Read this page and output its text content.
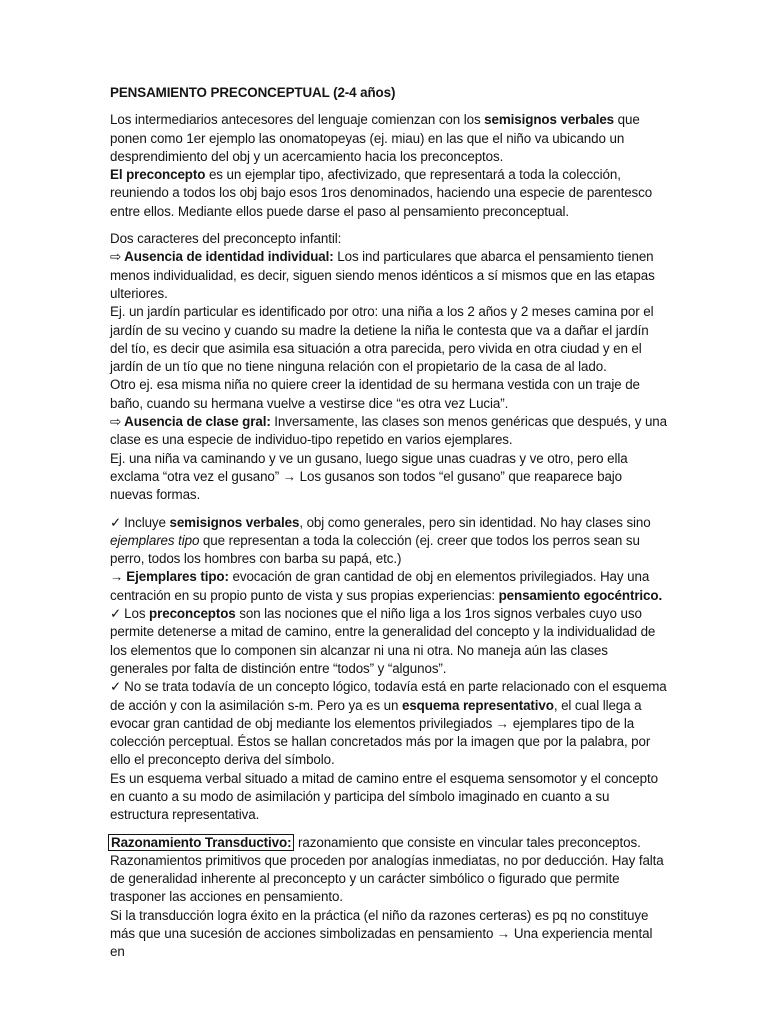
PENSAMIENTO PRECONCEPTUAL (2-4 años)

Los intermediarios antecesores del lenguaje comienzan con los semisignos verbales que ponen como 1er ejemplo las onomatopeyas (ej. miau) en las que el niño va ubicando un desprendimiento del obj y un acercamiento hacia los preconceptos.

El preconcepto es un ejemplar tipo, afectivizado, que representará a toda la colección, reuniendo a todos los obj bajo esos 1ros denominados, haciendo una especie de parentesco entre ellos. Mediante ellos puede darse el paso al pensamiento preconceptual.

Dos caracteres del preconcepto infantil:

⇨ Ausencia de identidad individual: Los ind particulares que abarca el pensamiento tienen menos individualidad, es decir, siguen siendo menos idénticos a sí mismos que en las etapas ulteriores.

Ej. un jardín particular es identificado por otro: una niña a los 2 años y 2 meses camina por el jardín de su vecino y cuando su madre la detiene la niña le contesta que va a dañar el jardín del tío, es decir que asimila esa situación a otra parecida, pero vivida en otra ciudad y en el jardín de un tío que no tiene ninguna relación con el propietario de la casa de al lado.

Otro ej. esa misma niña no quiere creer la identidad de su hermana vestida con un traje de baño, cuando su hermana vuelve a vestirse dice “es otra vez Lucia”.

⇨ Ausencia de clase gral: Inversamente, las clases son menos genéricas que después, y una clase es una especie de individuo-tipo repetido en varios ejemplares.

Ej. una niña va caminando y ve un gusano, luego sigue unas cuadras y ve otro, pero ella exclama “otra vez el gusano” → Los gusanos son todos “el gusano” que reaparece bajo nuevas formas.

✓ Incluye semisignos verbales, obj como generales, pero sin identidad. No hay clases sino ejemplares tipo que representan a toda la colección (ej. creer que todos los perros sean su perro, todos los hombres con barba su papá, etc.)

→ Ejemplares tipo: evocación de gran cantidad de obj en elementos privilegiados. Hay una centración en su propio punto de vista y sus propias experiencias: pensamiento egocéntrico.

✓ Los preconceptos son las nociones que el niño liga a los 1ros signos verbales cuyo uso permite detenerse a mitad de camino, entre la generalidad del concepto y la individualidad de los elementos que lo componen sin alcanzar ni una ni otra. No maneja aún las clases generales por falta de distinción entre “todos” y “algunos”.

✓ No se trata todavía de un concepto lógico, todavía está en parte relacionado con el esquema de acción y con la asimilación s-m. Pero ya es un esquema representativo, el cual llega a evocar gran cantidad de obj mediante los elementos privilegiados → ejemplares tipo de la colección perceptual. Éstos se hallan concretados más por la imagen que por la palabra, por ello el preconcepto deriva del símbolo.

Es un esquema verbal situado a mitad de camino entre el esquema sensomotor y el concepto en cuanto a su modo de asimilación y participa del símbolo imaginado en cuanto a su estructura representativa.

Razonamiento Transductivo: razonamiento que consiste en vincular tales preconceptos.

Razonamientos primitivos que proceden por analogías inmediatas, no por deducción. Hay falta de generalidad inherente al preconcepto y un carácter simbólico o figurado que permite trasponer las acciones en pensamiento.

Si la transducción logra éxito en la práctica (el niño da razones certeras) es pq no constituye más que una sucesión de acciones simbolizadas en pensamiento → Una experiencia mental en
